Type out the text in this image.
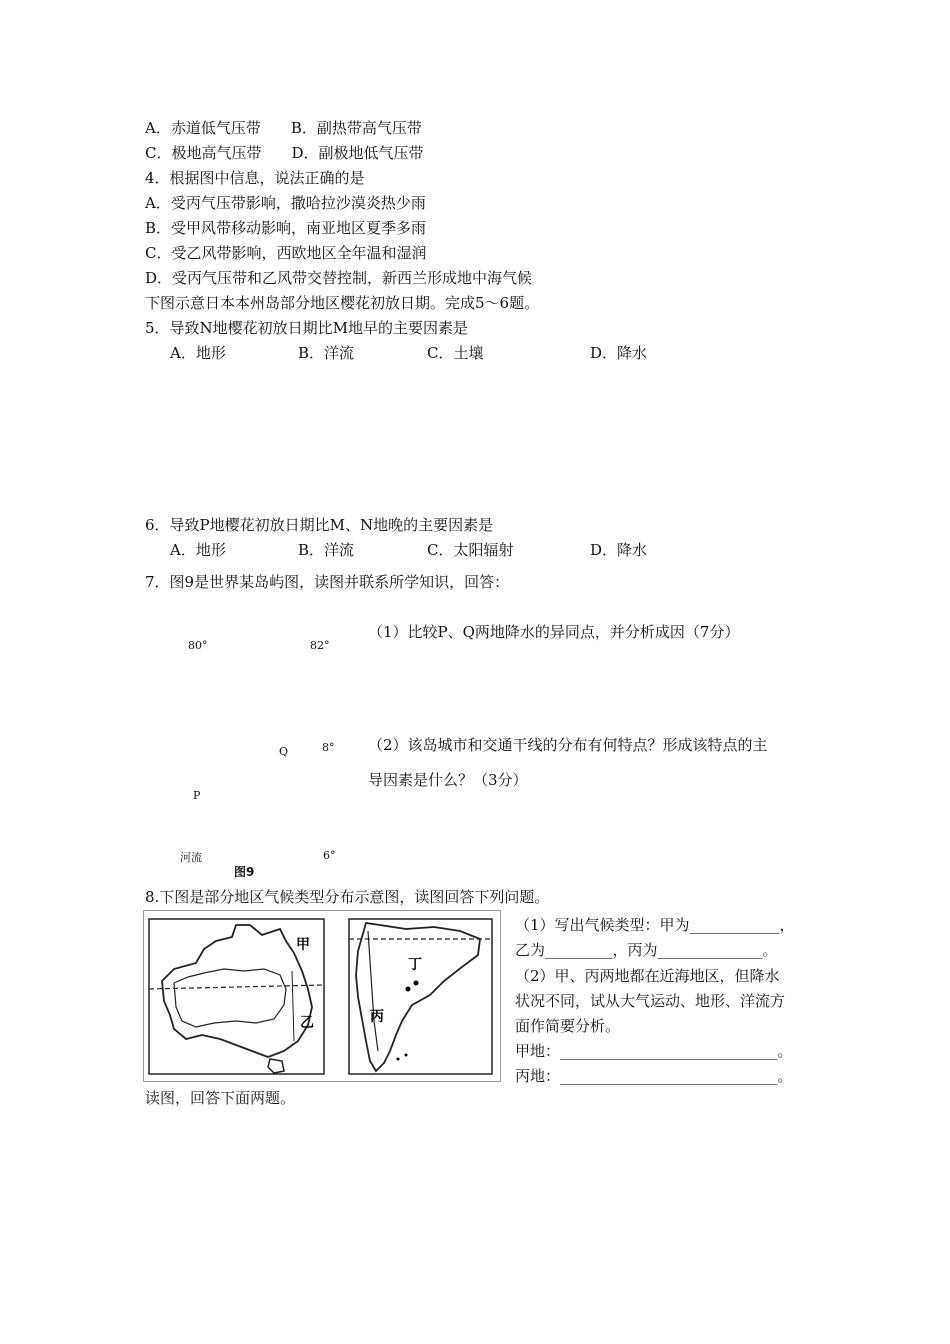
A．赤道低气压带　　B．副热带高气压带
C．极地高气压带　　D．副极地低气压带
4．根据图中信息，说法正确的是
A．受丙气压带影响，撒哈拉沙漠炎热少雨
B．受甲风带移动影响，南亚地区夏季多雨
C．受乙风带影响，西欧地区全年温和湿润
D．受丙气压带和乙风带交替控制，新西兰形成地中海气候
下图示意日本本州岛部分地区樱花初放日期。完成5～6题。
5．导致N地樱花初放日期比M地早的主要因素是
A．地形	B．洋流	C．土壤	D．降水
6．导致P地樱花初放日期比M、N地晚的主要因素是
A．地形	B．洋流	C．太阳辐射	D．降水
7．图9是世界某岛屿图，读图并联系所学知识，回答：
（1）比较P、Q两地降水的异同点，并分析成因（7分）
（2）该岛城市和交通干线的分布有何特点？形成该特点的主
导因素是什么？（3分）
80°	82°
Q	8°
P
河流	6°
图9
8.下图是部分地区气候类型分布示意图，读图回答下列问题。
甲
乙	丙
丁
（1）写出气候类型：甲为____________，
乙为_________，丙为______________。
（2）甲、丙两地都在近海地区，但降水
状况不同，试从大气运动、地形、洋流方
面作简要分析。
甲地：_____________________________。
丙地：_____________________________。
读图，回答下面两题。
